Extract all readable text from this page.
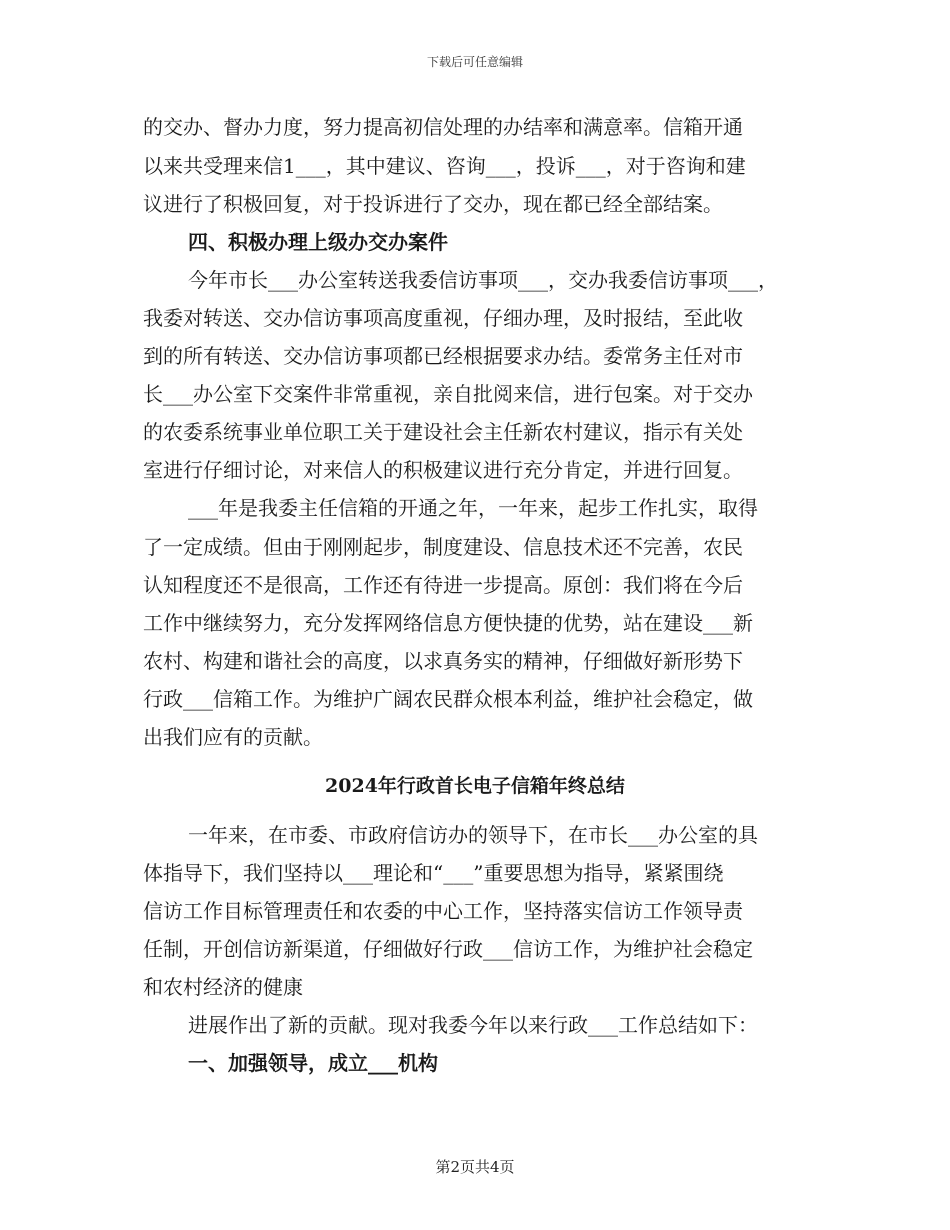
下载后可任意编辑
的交办、督办力度，努力提高初信处理的办结率和满意率。信箱开通
以来共受理来信1___，其中建议、咨询___，投诉___，对于咨询和建
议进行了积极回复，对于投诉进行了交办，现在都已经全部结案。
四、积极办理上级办交办案件
今年市长___办公室转送我委信访事项___，交办我委信访事项___，
我委对转送、交办信访事项高度重视，仔细办理，及时报结，至此收
到的所有转送、交办信访事项都已经根据要求办结。委常务主任对市
长___办公室下交案件非常重视，亲自批阅来信，进行包案。对于交办
的农委系统事业单位职工关于建设社会主任新农村建议，指示有关处
室进行仔细讨论，对来信人的积极建议进行充分肯定，并进行回复。
___年是我委主任信箱的开通之年，一年来，起步工作扎实，取得
了一定成绩。但由于刚刚起步，制度建设、信息技术还不完善，农民
认知程度还不是很高，工作还有待进一步提高。原创：我们将在今后
工作中继续努力，充分发挥网络信息方便快捷的优势，站在建设___新
农村、构建和谐社会的高度，以求真务实的精神，仔细做好新形势下
行政___信箱工作。为维护广阔农民群众根本利益，维护社会稳定，做
出我们应有的贡献。
2024年行政首长电子信箱年终总结
一年来，在市委、市政府信访办的领导下，在市长___办公室的具
体指导下，我们坚持以___理论和“___”重要思想为指导，紧紧围绕
信访工作目标管理责任和农委的中心工作，坚持落实信访工作领导责
任制，开创信访新渠道，仔细做好行政___信访工作，为维护社会稳定
和农村经济的健康
进展作出了新的贡献。现对我委今年以来行政___工作总结如下：
一、加强领导，成立___机构
第2页共4页
